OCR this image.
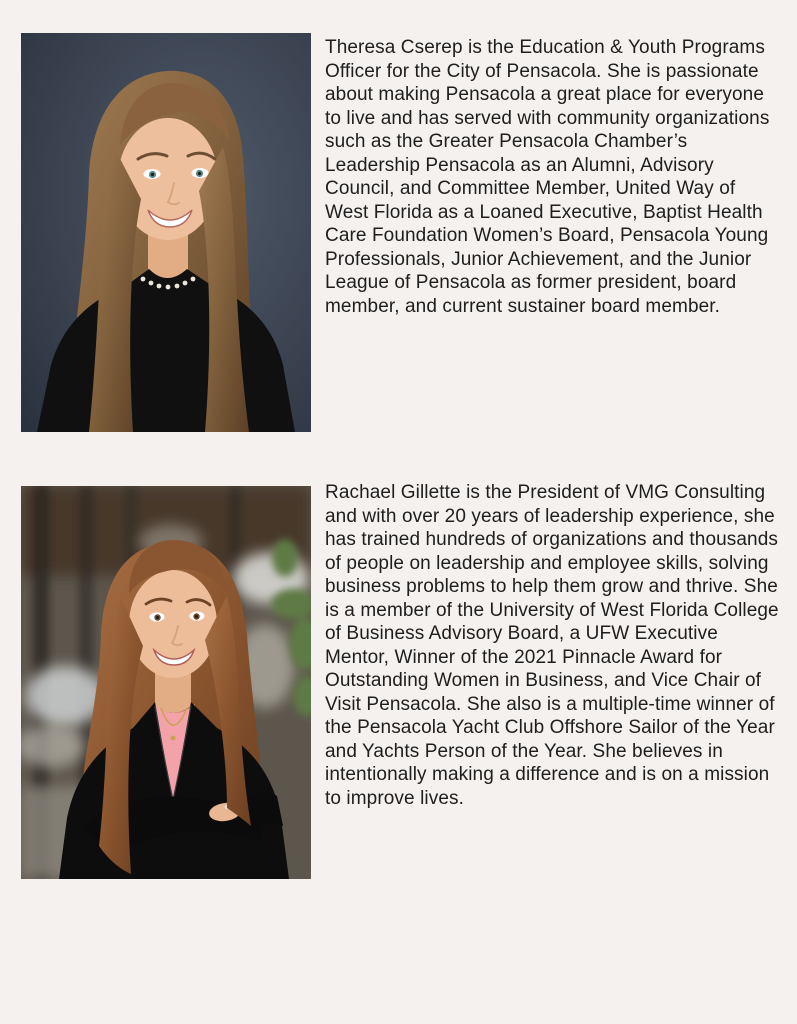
Theresa Cserep is the Education & Youth Programs Officer for the City of Pensacola. She is passionate about making Pensacola a great place for everyone to live and has served with community organizations such as the Greater Pensacola Chamber’s Leadership Pensacola as an Alumni, Advisory Council, and Committee Member, United Way of West Florida as a Loaned Executive, Baptist Health Care Foundation Women’s Board, Pensacola Young Professionals, Junior Achievement, and the Junior League of Pensacola as former president, board member, and current sustainer board member.

Rachael Gillette is the President of VMG Consulting and with over 20 years of leadership experience, she has trained hundreds of organizations and thousands of people on leadership and employee skills, solving business problems to help them grow and thrive. She is a member of the University of West Florida College of Business Advisory Board, a UFW Executive Mentor, Winner of the 2021 Pinnacle Award for Outstanding Women in Business, and Vice Chair of Visit Pensacola. She also is a multiple-time winner of the Pensacola Yacht Club Offshore Sailor of the Year and Yachts Person of the Year. She believes in intentionally making a difference and is on a mission to improve lives.
